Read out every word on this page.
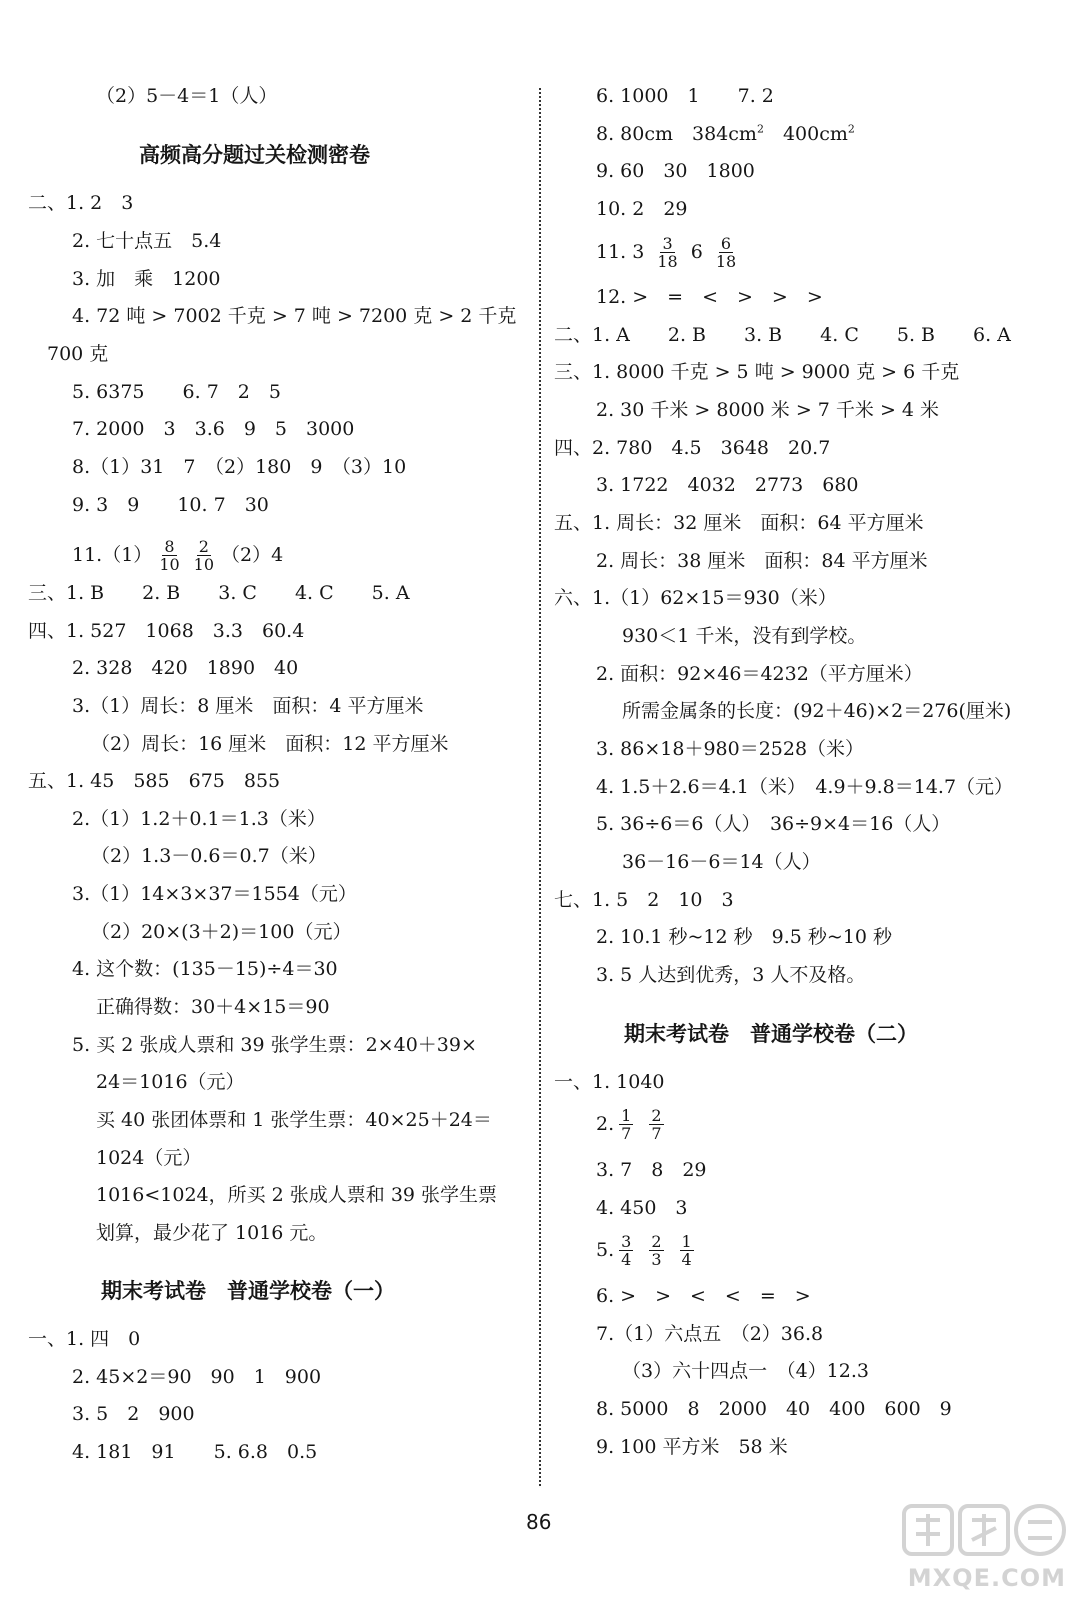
（2）5－4＝1（人）
高频高分题过关检测密卷
二、1. 2　3
2. 七十点五　5.4
3. 加　乘　1200
4. 72 吨 > 7002 千克 > 7 吨 > 7200 克 > 2 千克
700 克
5. 6375　　6. 7　2　5
7. 2000　3　3.6　9　5　3000
8.（1）31　7　（2）180　9　（3）10
9. 3　9　　10. 7　30
$11.(1) \frac{8}{10} \frac{2}{10} (2)4$
三、1. B　　2. B　　3. C　　4. C　　5. A
四、1. 527　1068　3.3　60.4
2. 328　420　1890　40
3.（1）周长：8 厘米　面积：4 平方厘米
（2）周长：16 厘米　面积：12 平方厘米
五、1. 45　585　675　855
2.（1）1.2＋0.1＝1.3（米）
（2）1.3－0.6＝0.7（米）
3.（1）14×3×37＝1554（元）
（2）20×(3＋2)＝100（元）
4. 这个数：(135－15)÷4＝30
正确得数：30＋4×15＝90
5. 买 2 张成人票和 39 张学生票：2×40＋39×
24＝1016（元）
买 40 张团体票和 1 张学生票：40×25＋24＝
1024（元）
1016<1024，所买 2 张成人票和 39 张学生票
划算，最少花了 1016 元。
期末考试卷　普通学校卷（一）
一、1. 四　0
2. 45×2＝90　90　1　900
3. 5　2　900
4. 181　91　　5. 6.8　0.5
6. 1000　1　　7. 2
8. 80cm　$384cm^2$　$400cm^2$
9. 60　30　1800
10. 2　29
11. $3 \frac{3}{18} 6 \frac{6}{18}$
12. >　=　<　>　>　>
二、1. A　　2. B　　3. B　　4. C　　5. B　　6. A
三、1. 8000 千克 > 5 吨 > 9000 克 > 6 千克
2. 30 千米 > 8000 米 > 7 千米 > 4 米
四、2. 780　4.5　3648　20.7
3. 1722　4032　2773　680
五、1. 周长：32 厘米　面积：64 平方厘米
2. 周长：38 厘米　面积：84 平方厘米
六、1.（1）62×15＝930（米）
930＜1 千米，没有到学校。
2. 面积：92×46＝4232（平方厘米）
所需金属条的长度：(92＋46)×2＝276(厘米)
3. 86×18＋980＝2528（米）
4. 1.5＋2.6＝4.1（米）　4.9＋9.8＝14.7（元）
5. 36÷6＝6（人）　36÷9×4＝16（人）
36－16－6＝14（人）
七、1. 5　2　10　3
2. 10.1 秒~12 秒　9.5 秒~10 秒
3. 5 人达到优秀，3 人不及格。
期末考试卷　普通学校卷（二）
一、1. 1040
2. $\frac{1}{7} \frac{2}{7}$
3. 7　8　29
4. 450　3
5. $\frac{3}{4} \frac{2}{3} \frac{1}{4}$
6. >　>　<　<　=　>
7.（1）六点五　（2）36.8
（3）六十四点一　（4）12.3
8. 5000　8　2000　40　400　600　9
9. 100 平方米　58 米
86
MXQE.COM
